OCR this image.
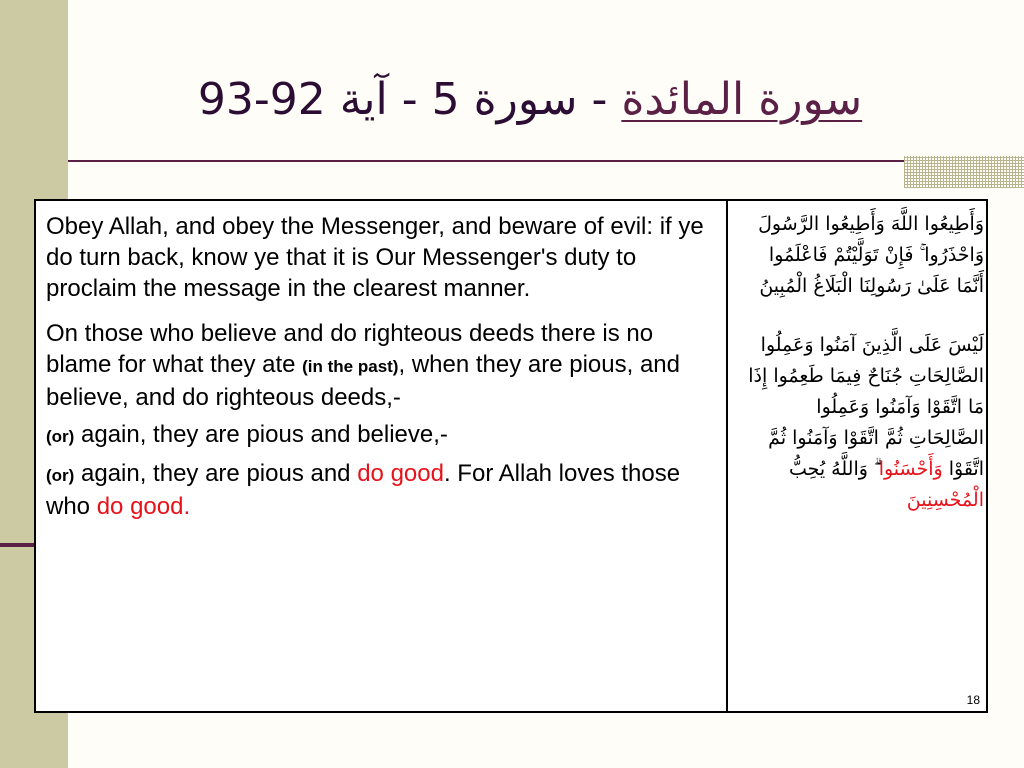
سورة المائدة - سورة 5 - آية 92-93

Obey Allah, and obey the Messenger, and beware of evil: if ye do turn back, know ye that it is Our Messenger's duty to proclaim the message in the clearest manner.

On those who believe and do righteous deeds there is no blame for what they ate (in the past), when they are pious, and believe, and do righteous deeds,-

(or) again, they are pious and believe,-

(or) again, they are pious and do good. For Allah loves those who do good.

وَأَطِيعُوا اللَّهَ وَأَطِيعُوا الرَّسُولَ وَاحْذَرُوا ۚ فَإِنْ تَوَلَّيْتُمْ فَاعْلَمُوا أَنَّمَا عَلَىٰ رَسُولِنَا الْبَلَاغُ الْمُبِينُ

لَيْسَ عَلَى الَّذِينَ آمَنُوا وَعَمِلُوا الصَّالِحَاتِ جُنَاحٌ فِيمَا طَعِمُوا إِذَا مَا اتَّقَوْا وَآمَنُوا وَعَمِلُوا الصَّالِحَاتِ ثُمَّ اتَّقَوْا وَآمَنُوا ثُمَّ اتَّقَوْا وَأَحْسَنُوا ۗ وَاللَّهُ يُحِبُّ الْمُحْسِنِينَ

18
